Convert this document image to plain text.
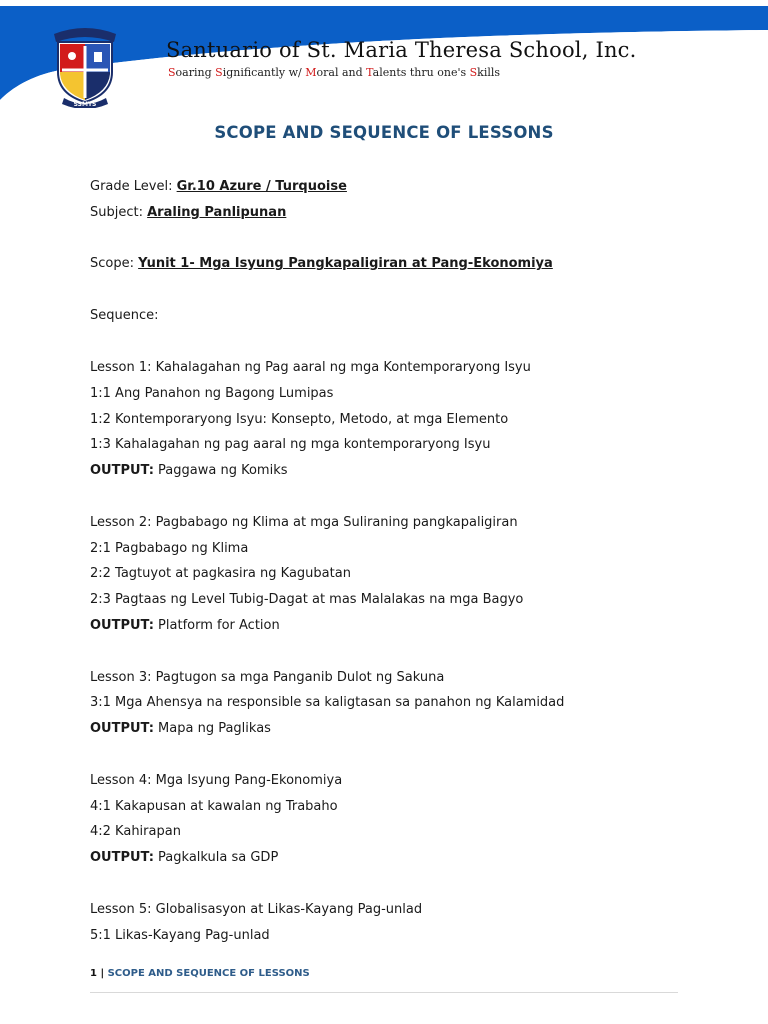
SSMTS
Santuario of St. Maria Theresa School, Inc.
Soaring Significantly w/ Moral and Talents thru one's Skills
SCOPE AND SEQUENCE OF LESSONS
Grade Level: Gr.10 Azure / Turquoise
Subject: Araling Panlipunan
Scope: Yunit 1- Mga Isyung Pangkapaligiran at Pang-Ekonomiya
Sequence:
Lesson 1: Kahalagahan ng Pag aaral ng mga Kontemporaryong Isyu
1:1 Ang Panahon ng Bagong Lumipas
1:2 Kontemporaryong Isyu: Konsepto, Metodo, at mga Elemento
1:3 Kahalagahan ng pag aaral ng mga kontemporaryong Isyu
OUTPUT: Paggawa ng Komiks
Lesson 2: Pagbabago ng Klima at mga Suliraning pangkapaligiran
2:1 Pagbabago ng Klima
2:2 Tagtuyot at pagkasira ng Kagubatan
2:3 Pagtaas ng Level Tubig-Dagat at mas Malalakas na mga Bagyo
OUTPUT: Platform for Action
Lesson 3: Pagtugon sa mga Panganib Dulot ng Sakuna
3:1 Mga Ahensya na responsible sa kaligtasan sa panahon ng Kalamidad
OUTPUT: Mapa ng Paglikas
Lesson 4: Mga Isyung Pang-Ekonomiya
4:1 Kakapusan at kawalan ng Trabaho
4:2 Kahirapan
OUTPUT: Pagkalkula sa GDP
Lesson 5: Globalisasyon at Likas-Kayang Pag-unlad
5:1 Likas-Kayang Pag-unlad
1 | SCOPE AND SEQUENCE OF LESSONS
